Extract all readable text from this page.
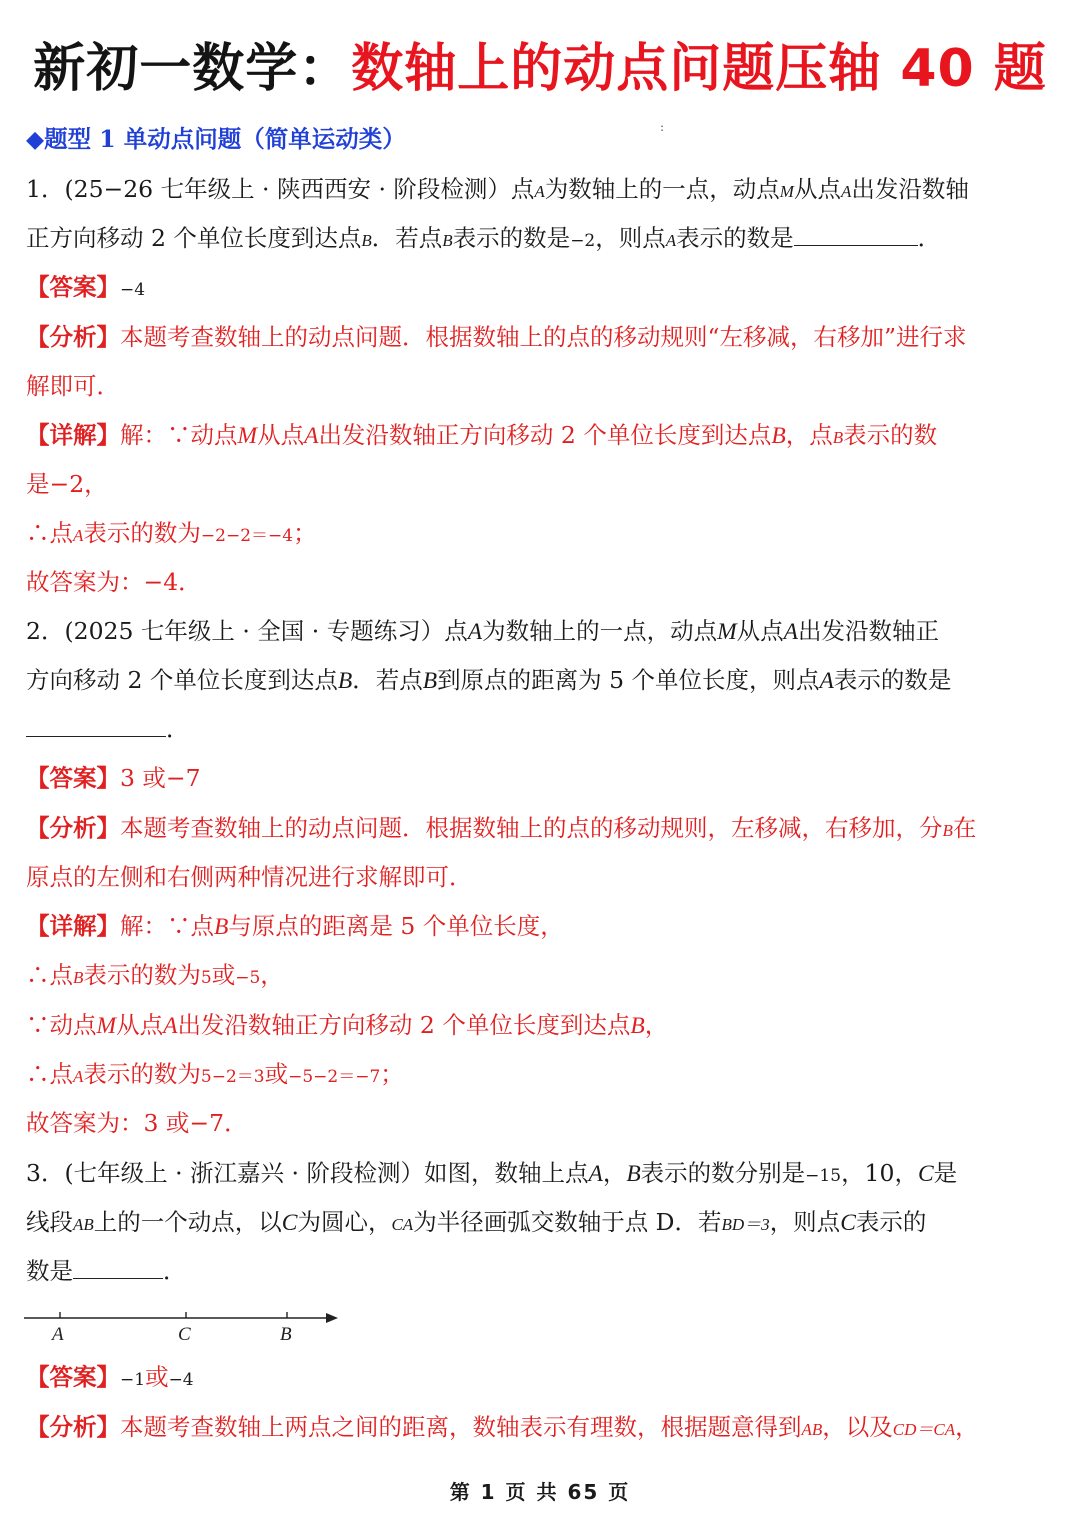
新初一数学：数轴上的动点问题压轴 40 题
:
◆题型 1 单动点问题（简单运动类）
1．(25−26 七年级上 · 陕西西安 · 阶段检测）点A为数轴上的一点，动点M从点A出发沿数轴
正方向移动 2 个单位长度到达点B．若点B表示的数是−2，则点A表示的数是	．
【答案】−4
【分析】本题考查数轴上的动点问题．根据数轴上的点的移动规则“左移减，右移加”进行求
解即可．
【详解】解：∵动点M从点A出发沿数轴正方向移动 2 个单位长度到达点B，点B表示的数
是−2，
∴点A表示的数为−2−2＝−4；
故答案为：−4．
2．(2025 七年级上 · 全国 · 专题练习）点A为数轴上的一点，动点M从点A出发沿数轴正
方向移动 2 个单位长度到达点B．若点B到原点的距离为 5 个单位长度，则点A表示的数是
．
【答案】3 或−7
【分析】本题考查数轴上的动点问题．根据数轴上的点的移动规则，左移减，右移加，分B在
原点的左侧和右侧两种情况进行求解即可．
【详解】解：∵点B与原点的距离是 5 个单位长度，
∴点B表示的数为5或−5，
∵动点M从点A出发沿数轴正方向移动 2 个单位长度到达点B，
∴点A表示的数为5−2＝3或−5−2＝−7；
故答案为：3 或−7．
3．(七年级上 · 浙江嘉兴 · 阶段检测）如图，数轴上点A，B表示的数分别是−15，10，C是
线段AB上的一个动点，以C为圆心，CA为半径画弧交数轴于点 D．若BD＝3，则点C表示的
数是	．
A	C	B
【答案】−1或−4
【分析】本题考查数轴上两点之间的距离，数轴表示有理数，根据题意得到AB，以及CD＝CA，
第 1 页 共 65 页
